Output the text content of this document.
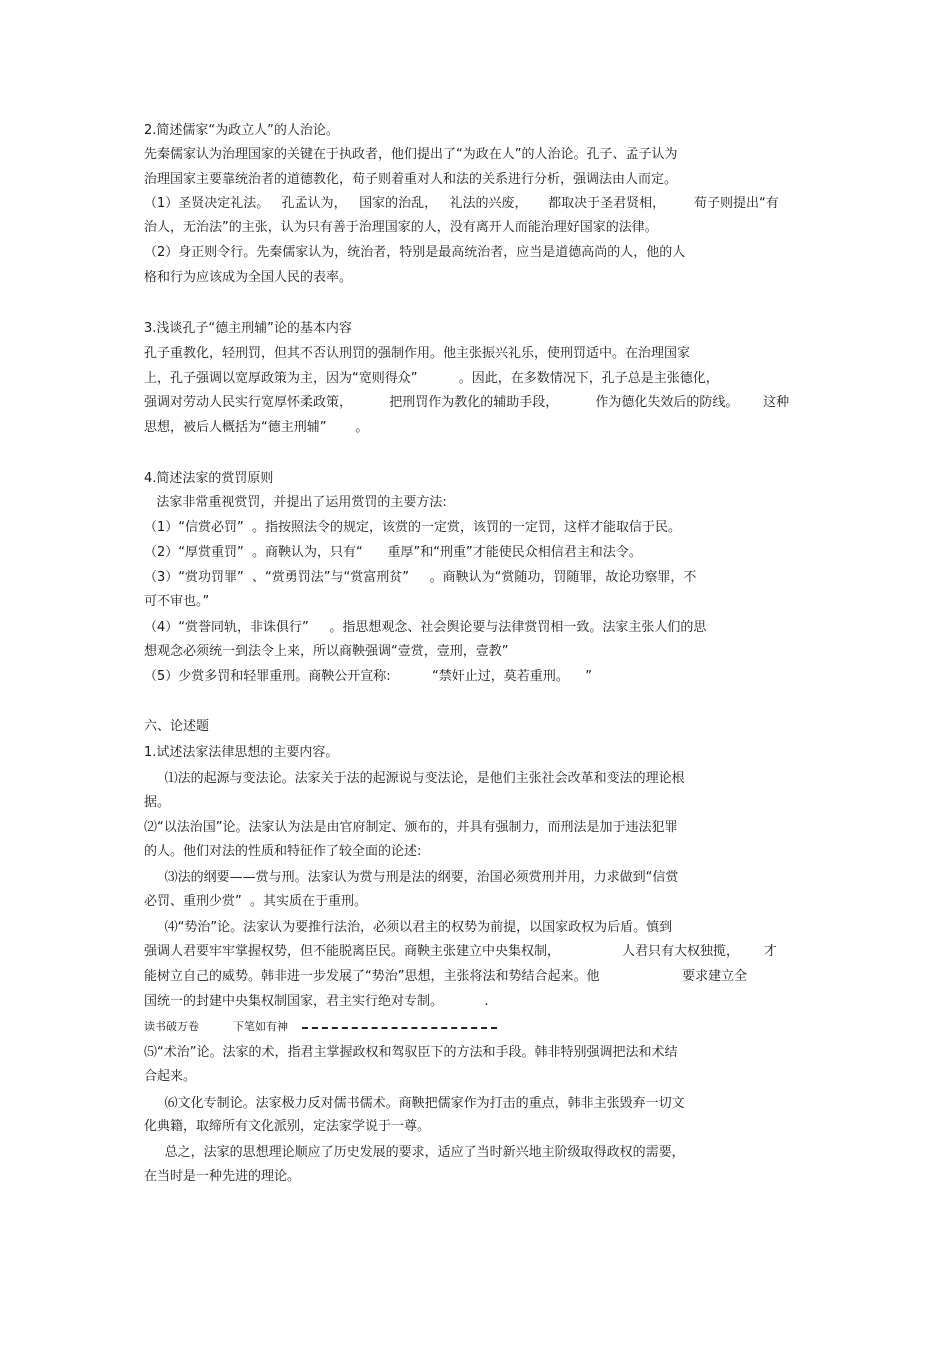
2.简述儒家“为政立人”的人治论。
先秦儒家认为治理国家的关键在于执政者，他们提出了“为政在人”的人治论。孔子、孟子认为
治理国家主要靠统治者的道德教化，荀子则着重对人和法的关系进行分析，强调法由人而定。
（1）圣贤决定礼法。   孔孟认为，   国家的治乱，   礼法的兴废，     都取决于圣君贤相，       荀子则提出“有
治人，无治法”的主张，认为只有善于治理国家的人，没有离开人而能治理好国家的法律。
（2）身正则令行。先秦儒家认为，统治者，特别是最高统治者，应当是道德高尚的人，他的人
格和行为应该成为全国人民的表率。
3.浅谈孔子“德主刑辅”论的基本内容
孔子重教化，轻刑罚，但其不否认刑罚的强制作用。他主张振兴礼乐，使刑罚适中。在治理国家
上，孔子强调以宽厚政策为主，因为“宽则得众”          。因此，在多数情况下，孔子总是主张德化，
强调对劳动人民实行宽厚怀柔政策，         把刑罚作为教化的辅助手段，         作为德化失效后的防线。      这种
思想，被后人概括为“德主刑辅”       。
4.简述法家的赏罚原则
法家非常重视赏罚，并提出了运用赏罚的主要方法:
（1）“信赏必罚”  。指按照法令的规定，该赏的一定赏，该罚的一定罚，这样才能取信于民。
（2）“厚赏重罚”  。商鞅认为，只有“      重厚”和“刑重”才能使民众相信君主和法令。
（3）“赏功罚罪”  、“赏勇罚法”与“赏富刑贫”     。商鞅认为“赏随功，罚随罪，故论功察罪，不
可不审也。”
（4）“赏誉同轨，非诛俱行”     。指思想观念、社会舆论要与法律赏罚相一致。法家主张人们的思
想观念必须统一到法令上来，所以商鞅强调“壹赏，壹刑，壹教”
（5）少赏多罚和轻罪重刑。商鞅公开宣称:          “禁奸止过，莫若重刑。    ”
六、论述题
1.试述法家法律思想的主要内容。
⑴法的起源与变法论。法家关于法的起源说与变法论，是他们主张社会改革和变法的理论根
据。
⑵“以法治国”论。法家认为法是由官府制定、颁布的，并具有强制力，而刑法是加于违法犯罪
的人。他们对法的性质和特征作了较全面的论述:
⑶法的纲要——赏与刑。法家认为赏与刑是法的纲要，治国必须赏刑并用，力求做到“信赏
必罚、重刑少赏”  。其实质在于重刑。
⑷“势治”论。法家认为要推行法治，必须以君主的权势为前提，以国家政权为后盾。慎到
强调人君要牢牢掌握权势，但不能脱离臣民。商鞅主张建立中央集权制，               人君只有大权独揽，      才
能树立自己的威势。韩非进一步发展了“势治”思想，主张将法和势结合起来。他                    要求建立全
国统一的封建中央集权制国家，君主实行绝对专制。          .
读书破万卷	下笔如有神
⑸“术治”论。法家的术，指君主掌握政权和驾驭臣下的方法和手段。韩非特别强调把法和术结
合起来。
⑹文化专制论。法家极力反对儒书儒术。商鞅把儒家作为打击的重点，韩非主张毁弃一切文
化典籍，取缔所有文化派别，定法家学说于一尊。
总之，法家的思想理论顺应了历史发展的要求，适应了当时新兴地主阶级取得政权的需要，
在当时是一种先进的理论。
